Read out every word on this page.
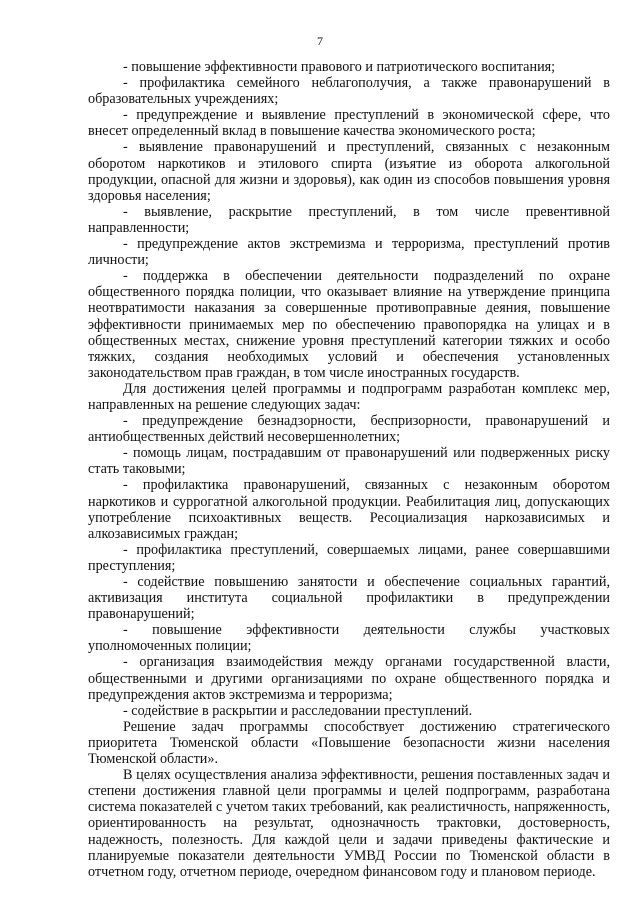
7

- повышение эффективности правового и патриотического воспитания;

- профилактика семейного неблагополучия, а также правонарушений в образовательных учреждениях;

- предупреждение и выявление преступлений в экономической сфере, что внесет определенный вклад в повышение качества экономического роста;

- выявление правонарушений и преступлений, связанных с незаконным оборотом наркотиков и этилового спирта (изъятие из оборота алкогольной продукции, опасной для жизни и здоровья), как один из способов повышения уровня здоровья населения;

- выявление, раскрытие преступлений, в том числе превентивной направленности;

- предупреждение актов экстремизма и терроризма, преступлений против личности;

- поддержка в обеспечении деятельности подразделений по охране общественного порядка полиции, что оказывает влияние на утверждение принципа неотвратимости наказания за совершенные противоправные деяния, повышение эффективности принимаемых мер по обеспечению правопорядка на улицах и в общественных местах, снижение уровня преступлений категории тяжких и особо тяжких, создания необходимых условий и обеспечения установленных законодательством прав граждан, в том числе иностранных государств.

Для достижения целей программы и подпрограмм разработан комплекс мер, направленных на решение следующих задач:

- предупреждение безнадзорности, беспризорности, правонарушений и антиобщественных действий несовершеннолетних;

- помощь лицам, пострадавшим от правонарушений или подверженных риску стать таковыми;

- профилактика правонарушений, связанных с незаконным оборотом наркотиков и суррогатной алкогольной продукции. Реабилитация лиц, допускающих употребление психоактивных веществ. Ресоциализация наркозависимых и алкозависимых граждан;

- профилактика преступлений, совершаемых лицами, ранее совершавшими преступления;

- содействие повышению занятости и обеспечение социальных гарантий, активизация института социальной профилактики в предупреждении правонарушений;

- повышение эффективности деятельности службы участковых уполномоченных полиции;

- организация взаимодействия между органами государственной власти, общественными и другими организациями по охране общественного порядка и предупреждения актов экстремизма и терроризма;

- содействие в раскрытии и расследовании преступлений.

Решение задач программы способствует достижению стратегического приоритета Тюменской области «Повышение безопасности жизни населения Тюменской области».

В целях осуществления анализа эффективности, решения поставленных задач и степени достижения главной цели программы и целей подпрограмм, разработана система показателей с учетом таких требований, как реалистичность, напряженность, ориентированность на результат, однозначность трактовки, достоверность, надежность, полезность. Для каждой цели и задачи приведены фактические и планируемые показатели деятельности УМВД России по Тюменской области в отчетном году, отчетном периоде, очередном финансовом году и плановом периоде.
